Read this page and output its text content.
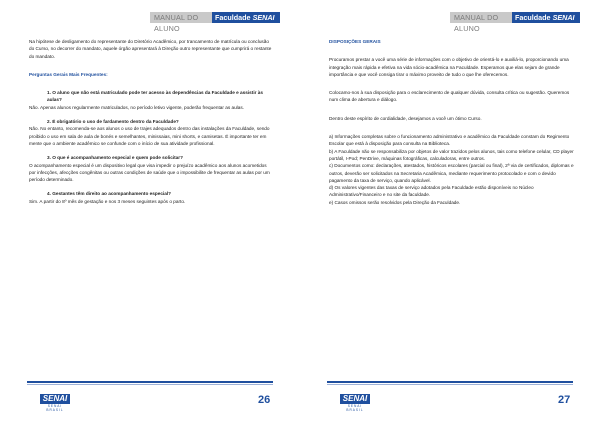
MANUAL DO ALUNO
Faculdade SENAI

Na hipótese de desligamento do representante do Diretório Acadêmico, por trancamento de matrícula ou conclusão do Curso, no decorrer do mandato, aquele órgão apresentará à Direção outro representante que cumprirá o restante do mandato.

Perguntas Gerais Mais Frequentes:

1. O aluno que não está matriculado pode ter acesso às dependências da Faculdade e assistir às aulas?

Não. Apenas alunos regularmente matriculados, no período letivo vigente, poderão frequentar as aulas.

2. É obrigatório o uso de fardamento dentro da Faculdade?

Não. No entanto, recomenda-se aos alunos o uso de trajes adequados dentro das instalações da Faculdade, sendo proibido o uso em sala de aula de bonés e semelhantes, minissaias, mini shorts, e camisetas. É importante ter em mente que o ambiente acadêmico se confunde com o início de sua atividade profissional.

3. O que é acompanhamento especial e quem pode solicitar?

O acompanhamento especial é um dispositivo legal que visa impedir o prejuízo acadêmico aos alunos acometidos por infecções, afecções congênitas ou outras condições de saúde que o impossibilite de frequentar as aulas por um período determinado.

4. Gestantes têm direito ao acompanhamento especial?

Sim. A partir do 8º mês de gestação e nos 3 meses seguintes após o parto.

SENAI
SENAI BRASIL
26
MANUAL DO ALUNO
Faculdade SENAI

DISPOSIÇÕES GERAIS

Procuramos prestar a você uma série de informações com o objetivo de orientá-lo e auxiliá-lo, proporcionando uma integração mais rápida e efetiva na vida sócio-acadêmica na Faculdade. Esperamos que elas sejam de grande importância e que você consiga tirar o máximo proveito de tudo o que lhe oferecemos.

Colocamo-nos à sua disposição para o esclarecimento de qualquer dúvida, consulta crítica ou sugestão. Queremos num clima de abertura e diálogo.

Dentro deste espírito de cordialidade, desejamos a você um ótimo Curso.

a) Informações completas sobre o funcionamento administrativo e acadêmico da Faculdade constam do Regimento Escolar que está à disposição para consulta na Biblioteca.

b) A Faculdade não se responsabiliza por objetos de valor trazidos pelos alunos, tais como telefone celular, CD player portátil, I-Pod; PenDrive, máquinas fotográficas, calculadoras, entre outros.

c) Documentos como: declarações, atestados, históricos escolares (parcial ou final), 2ª via de certificados, diplomas e outros, deverão ser solicitados na Secretaria Acadêmica, mediante requerimento protocolado e com o devido pagamento da taxa de serviço, quando aplicável.

d) Os valores vigentes das taxas de serviço adotados pela Faculdade estão disponíveis no Núcleo Administrativo/Financeiro e no site da faculdade.

e) Casos omissos serão resolvidos pela Direção da Faculdade.

SENAI
SENAI BRASIL
27
